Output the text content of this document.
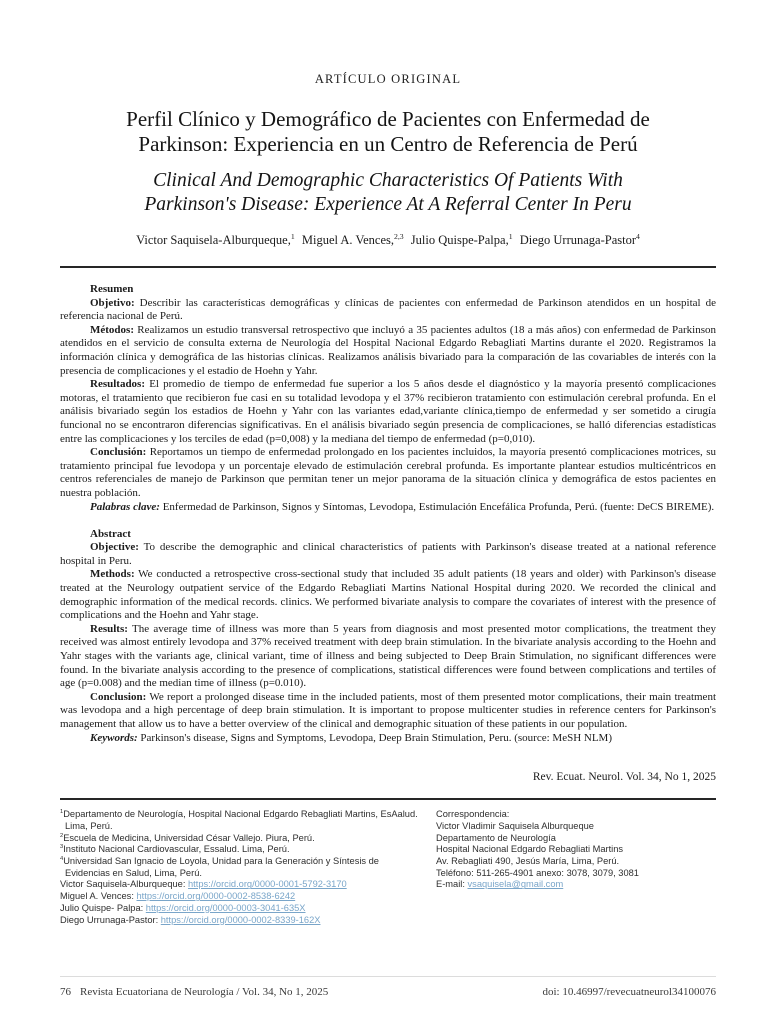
ARTÍCULO ORIGINAL
Perfil Clínico y Demográfico de Pacientes con Enfermedad de Parkinson: Experiencia en un Centro de Referencia de Perú
Clinical And Demographic Characteristics Of Patients With Parkinson's Disease: Experience At A Referral Center In Peru
Victor Saquisela-Alburqueque,$^1$ Miguel A. Vences,$^{2,3}$ Julio Quispe-Palpa,$^1$ Diego Urrunaga-Pastor$^4$
Resumen

Objetivo: Describir las características demográficas y clínicas de pacientes con enfermedad de Parkinson atendidos en un hospital de referencia nacional de Perú.

Métodos: Realizamos un estudio transversal retrospectivo que incluyó a 35 pacientes adultos (18 a más años) con enfermedad de Parkinson atendidos en el servicio de consulta externa de Neurología del Hospital Nacional Edgardo Rebagliati Martins durante el 2020. Registramos la información clínica y demográfica de las historias clínicas. Realizamos análisis bivariado para la comparación de las covariables de interés con la presencia de complicaciones y el estadio de Hoehn y Yahr.

Resultados: El promedio de tiempo de enfermedad fue superior a los 5 años desde el diagnóstico y la mayoría presentó complicaciones motoras, el tratamiento que recibieron fue casi en su totalidad levodopa y el 37% recibieron tratamiento con estimulación cerebral profunda. En el análisis bivariado según los estadios de Hoehn y Yahr con las variantes edad,variante clínica,tiempo de enfermedad y ser sometido a cirugía funcional no se encontraron diferencias significativas. En el análisis bivariado según presencia de complicaciones, se halló diferencias estadísticas entre las complicaciones y los terciles de edad (p=0,008) y la mediana del tiempo de enfermedad (p=0,010).

Conclusión: Reportamos un tiempo de enfermedad prolongado en los pacientes incluidos, la mayoría presentó complicaciones motrices, su tratamiento principal fue levodopa y un porcentaje elevado de estimulación cerebral profunda. Es importante plantear estudios multicéntricos en centros referenciales de manejo de Parkinson que permitan tener un mejor panorama de la situación clínica y demográfica de estos pacientes en nuestra población.

Palabras clave: Enfermedad de Parkinson, Signos y Síntomas, Levodopa, Estimulación Encefálica Profunda, Perú. (fuente: DeCS BIREME).

Abstract

Objective: To describe the demographic and clinical characteristics of patients with Parkinson's disease treated at a national reference hospital in Peru.

Methods: We conducted a retrospective cross-sectional study that included 35 adult patients (18 years and older) with Parkinson's disease treated at the Neurology outpatient service of the Edgardo Rebagliati Martins National Hospital during 2020. We recorded the clinical and demographic information of the medical records. clinics. We performed bivariate analysis to compare the covariates of interest with the presence of complications and the Hoehn and Yahr stage.

Results: The average time of illness was more than 5 years from diagnosis and most presented motor complications, the treatment they received was almost entirely levodopa and 37% received treatment with deep brain stimulation. In the bivariate analysis according to the Hoehn and Yahr stages with the variants age, clinical variant, time of illness and being subjected to Deep Brain Stimulation, no significant differences were found. In the bivariate analysis according to the presence of complications, statistical differences were found between complications and tertiles of age (p=0.008) and the median time of illness (p=0.010).

Conclusion: We report a prolonged disease time in the included patients, most of them presented motor complications, their main treatment was levodopa and a high percentage of deep brain stimulation. It is important to propose multicenter studies in reference centers for Parkinson's management that allow us to have a better overview of the clinical and demographic situation of these patients in our population.

Keywords: Parkinson's disease, Signs and Symptoms, Levodopa, Deep Brain Stimulation, Peru. (source: MeSH NLM)

Rev. Ecuat. Neurol. Vol. 34, No 1, 2025
$^1$Departamento de Neurología, Hospital Nacional Edgardo Rebagliati Martins, EsAalud. Lima, Perú.
$^2$Escuela de Medicina, Universidad César Vallejo. Piura, Perú.
$^3$Instituto Nacional Cardiovascular, Essalud. Lima, Perú.
$^4$Universidad San Ignacio de Loyola, Unidad para la Generación y Síntesis de Evidencias en Salud, Lima, Perú.
Victor Saquisela-Alburqueque: https://orcid.org/0000-0001-5792-3170
Miguel A. Vences: https://orcid.org/0000-0002-8538-6242
Julio Quispe- Palpa: https://orcid.org/0000-0003-3041-635X
Diego Urrunaga-Pastor: https://orcid.org/0000-0002-8339-162X
Correspondencia:
Victor Vladimir Saquisela Alburqueque
Departamento de Neurología
Hospital Nacional Edgardo Rebagliati Martins
Av. Rebagliati 490, Jesús María, Lima, Perú.
Teléfono: 511-265-4901 anexo: 3078, 3079, 3081
E-mail: vsaquisela@gmail.com
76 Revista Ecuatoriana de Neurología / Vol. 34, No 1, 2025	doi: 10.46997/revecuatneurol34100076
